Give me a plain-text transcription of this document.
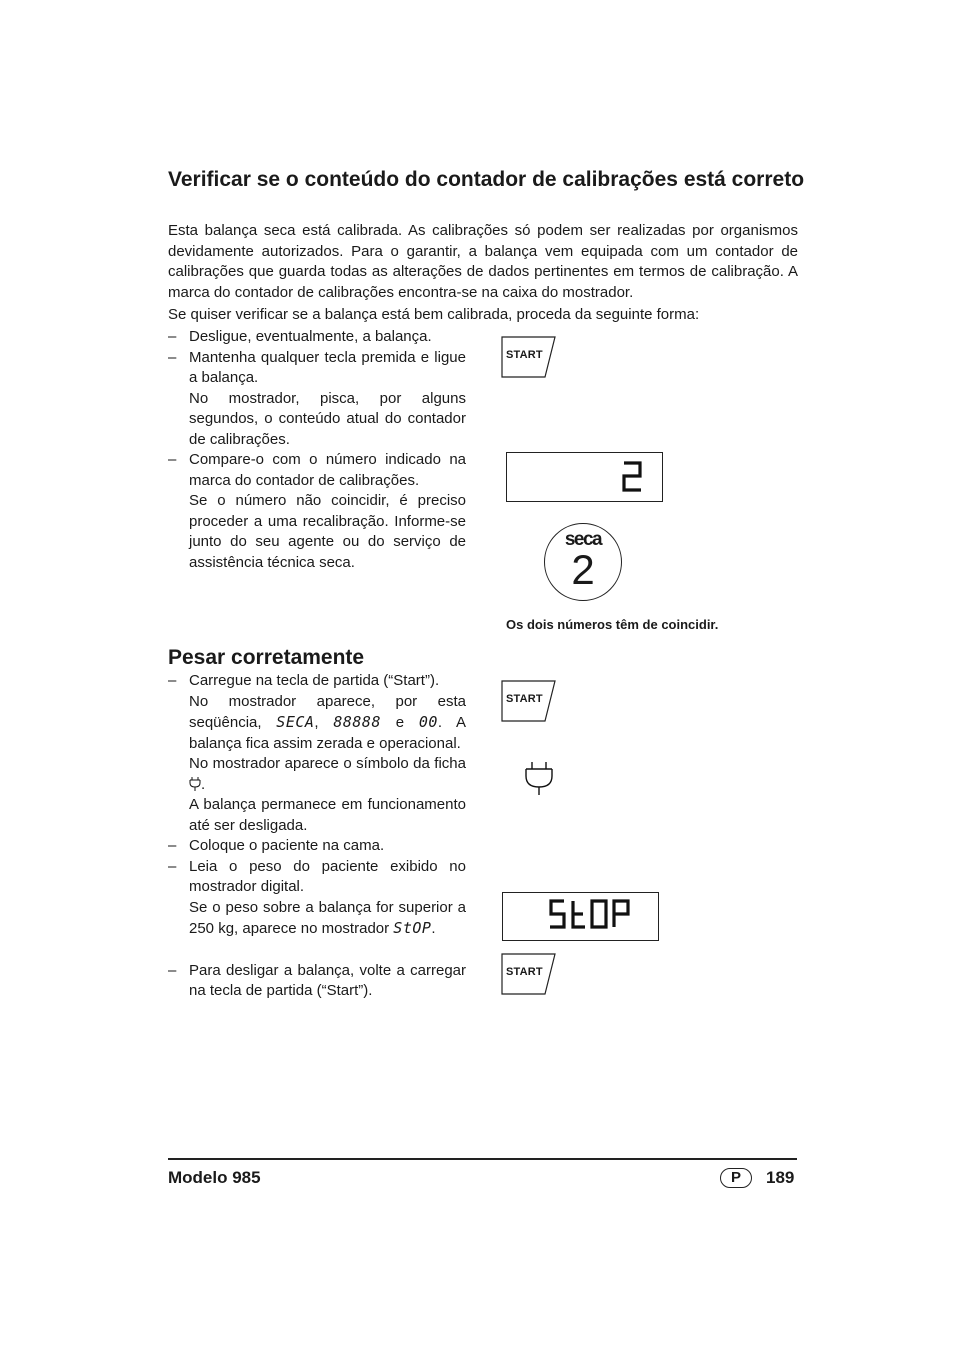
Verificar se o conteúdo do contador de calibrações está correto

Esta balança seca está calibrada. As calibrações só podem ser realizadas por organismos devidamente autorizados. Para o garantir, a balança vem equipada com um contador de calibrações que guarda todas as alterações de dados pertinentes em termos de calibração. A marca do contador de calibrações encontra-se na caixa do mostrador.

Se quiser verificar se a balança está bem calibrada, proceda da seguinte forma:

– Desligue, eventualmente, a balança.

– Mantenha qualquer tecla premida e ligue a balança.

No mostrador, pisca, por alguns segundos, o conteúdo atual do contador de calibrações.

– Compare-o com o número indicado na marca do contador de calibrações.

Se o número não coincidir, é preciso proceder a uma recalibração. Informe-se junto do seu agente ou do serviço de assistência técnica seca.

START
seca
2
Os dois números têm de coincidir.
Pesar corretamente

– Carregue na tecla de partida (“Start”).

No mostrador aparece, por esta seqüência, SECA, 88888 e 00. A balança fica assim zerada e operacional.

No mostrador aparece o símbolo da ficha .

A balança permanece em funcionamento até ser desligada.

– Coloque o paciente na cama.

– Leia o peso do paciente exibido no mostrador digital.

Se o peso sobre a balança for superior a 250 kg, aparece no mostrador StOP.

– Para desligar a balança, volte a carregar na tecla de partida (“Start”).

START
START
Modelo 985	P	189
